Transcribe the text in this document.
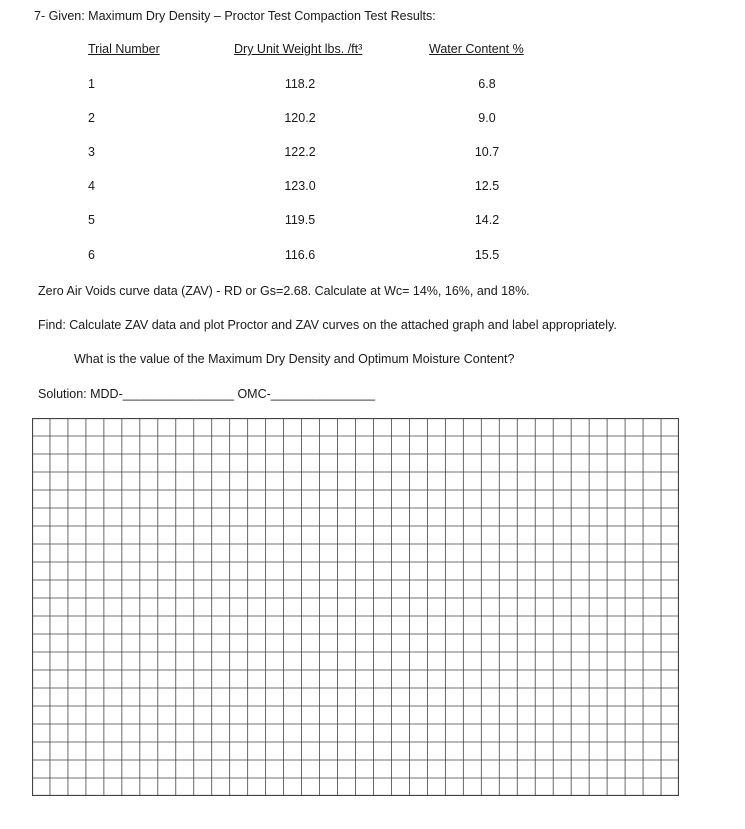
7- Given: Maximum Dry Density – Proctor Test Compaction Test Results:
Trial Number	Dry Unit Weight lbs. /ft³	Water Content %
1	118.2	6.8
2	120.2	9.0
3	122.2	10.7
4	123.0	12.5
5	119.5	14.2
6	116.6	15.5
Zero Air Voids curve data (ZAV) - RD or Gs=2.68. Calculate at Wc= 14%, 16%, and 18%.
Find: Calculate ZAV data and plot Proctor and ZAV curves on the attached graph and label appropriately.
What is the value of the Maximum Dry Density and Optimum Moisture Content?
Solution: MDD-________________ OMC-_______________
